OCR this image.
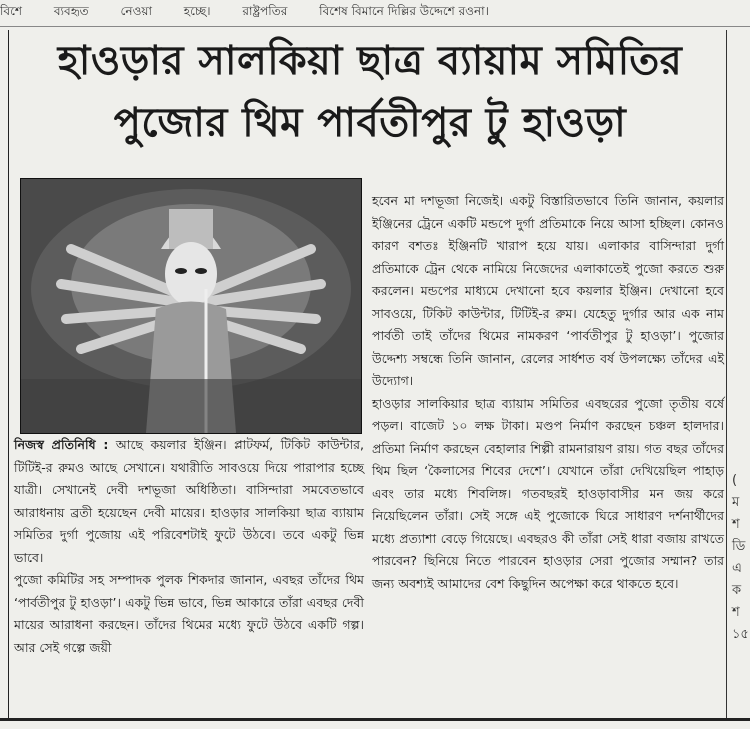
বিশে	ব্যবহৃত	নেওয়া	হচ্ছে।	রাষ্ট্রপতির	বিশেষ বিমানে দিল্লির উদ্দেশে রওনা।
(
ম
শ
ডি
এ
ক
শ
১৫
হাওড়ার সালকিয়া ছাত্র ব্যায়াম সমিতির
পুজোর থিম পার্বতীপুর টু হাওড়া

নিজস্ব প্রতিনিধি : আছে কয়লার ইঞ্জিন। প্লাটফর্ম, টিকিট কাউন্টার, টিটিই-র রুমও আছে সেখানে। যথারীতি সাবওয়ে দিয়ে পারাপার হচ্ছে যাত্রী। সেখানেই দেবী দশভূজা অধিষ্ঠিতা। বাসিন্দারা সমবেতভাবে আরাধনায় ব্রতী হয়েছেন দেবী মায়ের। হাওড়ার সালকিয়া ছাত্র ব্যায়াম সমিতির দুর্গা পুজোয় এই পরিবেশটাই ফুটে উঠবে। তবে একটু ভিন্ন ভাবে।

পুজো কমিটির সহ সম্পাদক পুলক শিকদার জানান, এবছর তাঁদের থিম ‘পার্বতীপুর টু হাওড়া’। একটু ভিন্ন ভাবে, ভিন্ন আকারে তাঁরা এবছর দেবী মায়ের আরাধনা করছেন। তাঁদের থিমের মধ্যে ফুটে উঠবে একটি গল্প। আর সেই গল্পে জয়ী

হবেন মা দশভূজা নিজেই। একটু বিস্তারিতভাবে তিনি জানান, কয়লার ইঞ্জিনের ট্রেনে একটি মন্ডপে দুর্গা প্রতিমাকে নিয়ে আসা হচ্ছিল। কোনও কারণ বশতঃ ইঞ্জিনটি খারাপ হয়ে যায়। এলাকার বাসিন্দারা দুর্গা প্রতিমাকে ট্রেন থেকে নামিয়ে নিজেদের এলাকাতেই পুজো করতে শুরু করলেন। মন্ডপের মাধ্যমে দেখানো হবে কয়লার ইঞ্জিন। দেখানো হবে সাবওয়ে, টিকিট কাউন্টার, টিটিই-র রুম। যেহেতু দুর্গার আর এক নাম পার্বতী তাই তাঁদের থিমের নামকরণ ‘পার্বতীপুর টু হাওড়া’। পুজোর উদ্দেশ্য সম্বন্ধে তিনি জানান, রেলের সার্ধশত বর্ষ উপলক্ষ্যে তাঁদের এই উদ্যোগ।

হাওড়ার সালকিয়ার ছাত্র ব্যায়াম সমিতির এবছরের পুজো তৃতীয় বর্ষে পড়ল। বাজেট ১০ লক্ষ টাকা। মণ্ডপ নির্মাণ করছেন চঞ্চল হালদার। প্রতিমা নির্মাণ করছেন বেহালার শিল্পী রামনারায়ণ রায়। গত বছর তাঁদের থিম ছিল ‘কৈলাসের শিবের দেশে’। যেখানে তাঁরা দেখিয়েছিল পাহাড় এবং তার মধ্যে শিবলিঙ্গ। গতবছরই হাওড়াবাসীর মন জয় করে নিয়েছিলেন তাঁরা। সেই সঙ্গে এই পুজোকে ঘিরে সাধারণ দর্শনার্থীদের মধ্যে প্রত্যাশা বেড়ে গিয়েছে। এবছরও কী তাঁরা সেই ধারা বজায় রাখতে পারবেন? ছিনিয়ে নিতে পারবেন হাওড়ার সেরা পুজোর সম্মান? তার জন্য অবশ্যই আমাদের বেশ কিছুদিন অপেক্ষা করে থাকতে হবে।
